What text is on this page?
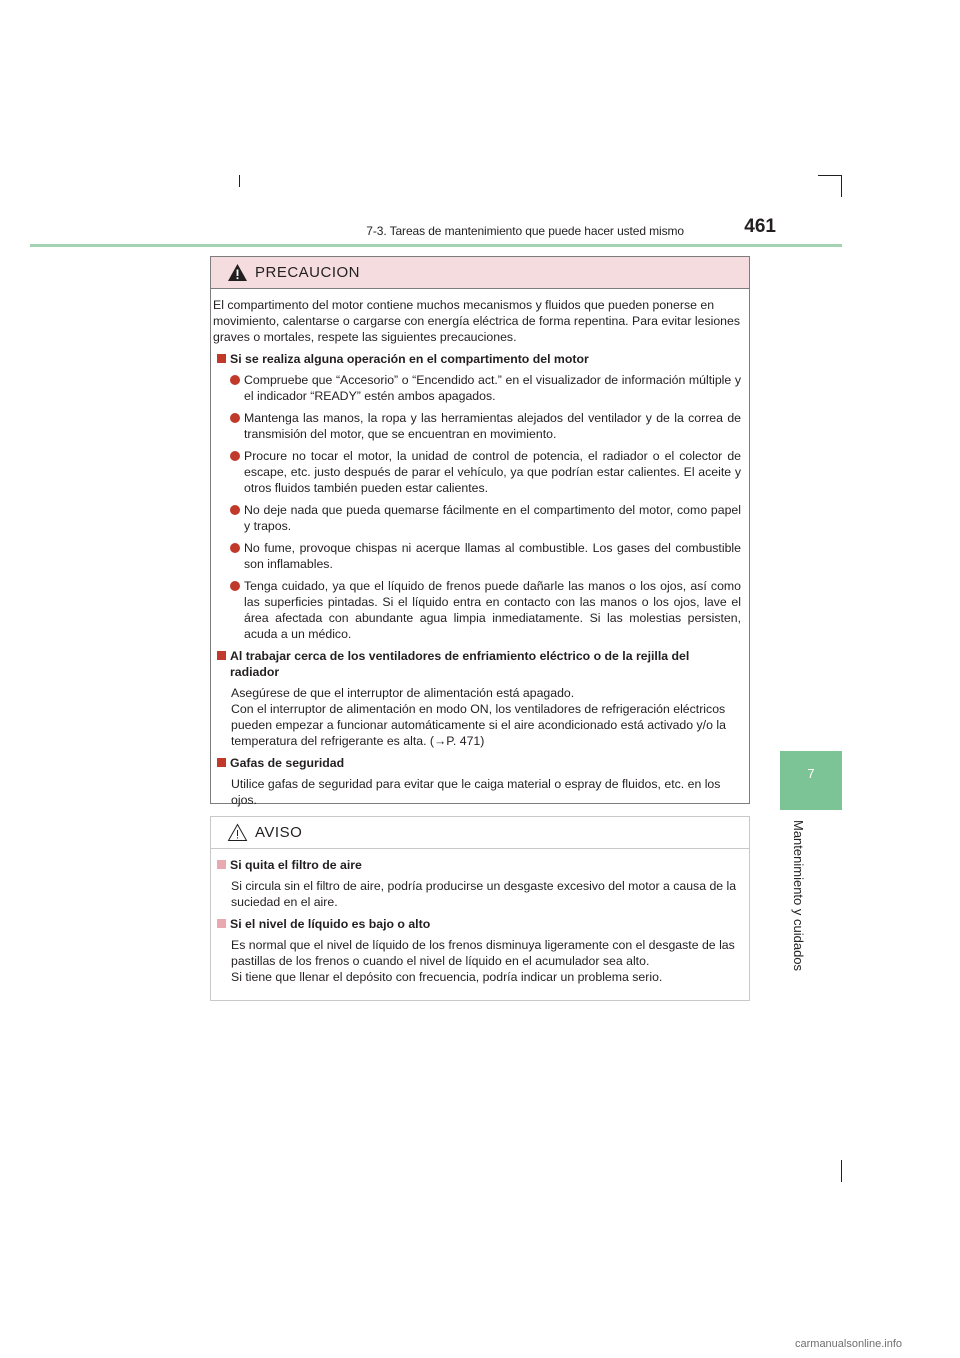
7-3. Tareas de mantenimiento que puede hacer usted mismo	461
7
Mantenimiento y cuidados
PRECAUCION

El compartimento del motor contiene muchos mecanismos y fluidos que pueden ponerse en movimiento, calentarse o cargarse con energía eléctrica de forma repentina. Para evitar lesiones graves o mortales, respete las siguientes precauciones.

Si se realiza alguna operación en el compartimento del motor
Compruebe que “Accesorio” o “Encendido act.” en el visualizador de información múltiple y el indicador “READY” estén ambos apagados.
Mantenga las manos, la ropa y las herramientas alejados del ventilador y de la correa de transmisión del motor, que se encuentran en movimiento.
Procure no tocar el motor, la unidad de control de potencia, el radiador o el colector de escape, etc. justo después de parar el vehículo, ya que podrían estar calientes. El aceite y otros fluidos también pueden estar calientes.
No deje nada que pueda quemarse fácilmente en el compartimento del motor, como papel y trapos.
No fume, provoque chispas ni acerque llamas al combustible. Los gases del combustible son inflamables.
Tenga cuidado, ya que el líquido de frenos puede dañarle las manos o los ojos, así como las superficies pintadas. Si el líquido entra en contacto con las manos o los ojos, lave el área afectada con abundante agua limpia inmediatamente. Si las molestias persisten, acuda a un médico.
Al trabajar cerca de los ventiladores de enfriamiento eléctrico o de la rejilla del radiador
Asegúrese de que el interruptor de alimentación está apagado.
Con el interruptor de alimentación en modo ON, los ventiladores de refrigeración eléctricos pueden empezar a funcionar automáticamente si el aire acondicionado está activado y/o la temperatura del refrigerante es alta. (→P. 471)
Gafas de seguridad
Utilice gafas de seguridad para evitar que le caiga material o espray de fluidos, etc. en los ojos.
AVISO
Si quita el filtro de aire
Si circula sin el filtro de aire, podría producirse un desgaste excesivo del motor a causa de la suciedad en el aire.
Si el nivel de líquido es bajo o alto
Es normal que el nivel de líquido de los frenos disminuya ligeramente con el desgaste de las pastillas de los frenos o cuando el nivel de líquido en el acumulador sea alto.
Si tiene que llenar el depósito con frecuencia, podría indicar un problema serio.
carmanualsonline.info
